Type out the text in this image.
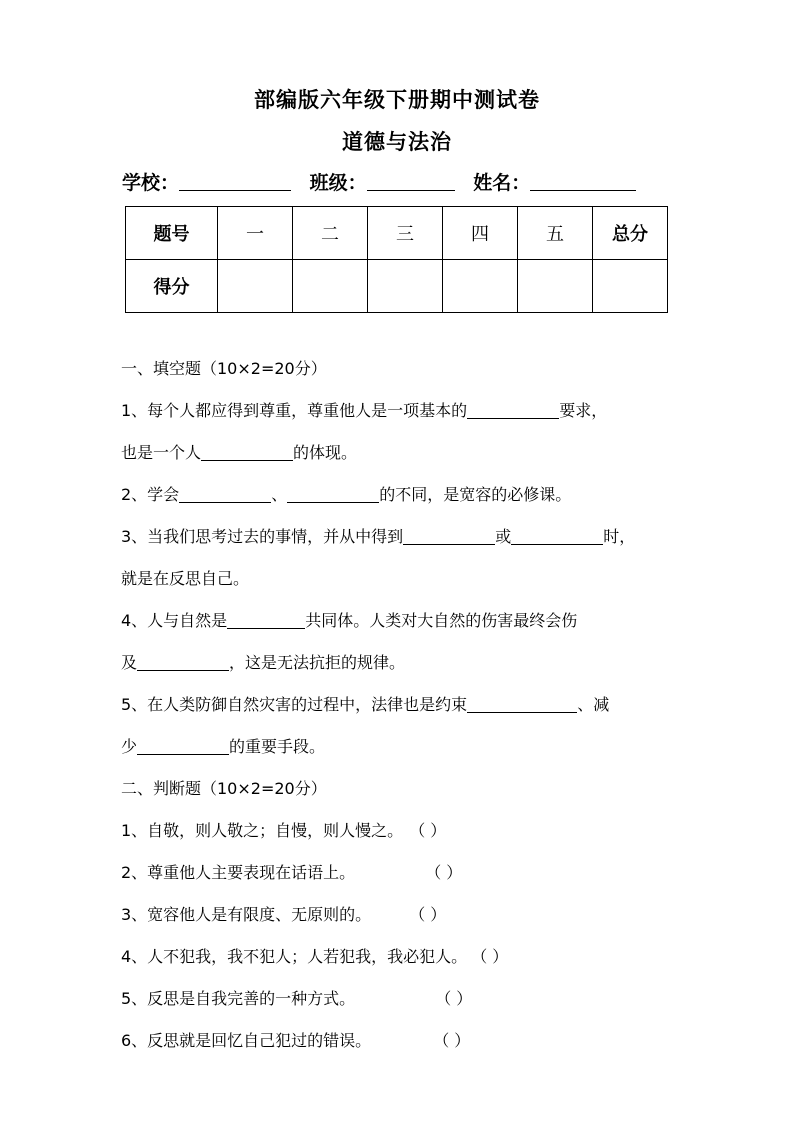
部编版六年级下册期中测试卷
道德与法治
学校：	班级：	姓名：
题号	一	二	三	四	五	总分
得分						
一、填空题（10×2=20分）
1、每个人都应得到尊重，尊重他人是一项基本的	要求，
也是一个人	的体现。
2、学会	、	的不同，是宽容的必修课。
3、当我们思考过去的事情，并从中得到	或	时，
就是在反思自己。
4、人与自然是	共同体。人类对大自然的伤害最终会伤
及	，这是无法抗拒的规律。
5、在人类防御自然灾害的过程中，法律也是约束	、减
少	的重要手段。
二、判断题（10×2=20分）
1、自敬，则人敬之；自慢，则人慢之。 （ ）
2、尊重他人主要表现在话语上。	（ ）
3、宽容他人是有限度、无原则的。 （ ）
4、人不犯我，我不犯人；人若犯我，我必犯人。 （ ）
5、反思是自我完善的一种方式。	（ ）
6、反思就是回忆自己犯过的错误。	（ ）
